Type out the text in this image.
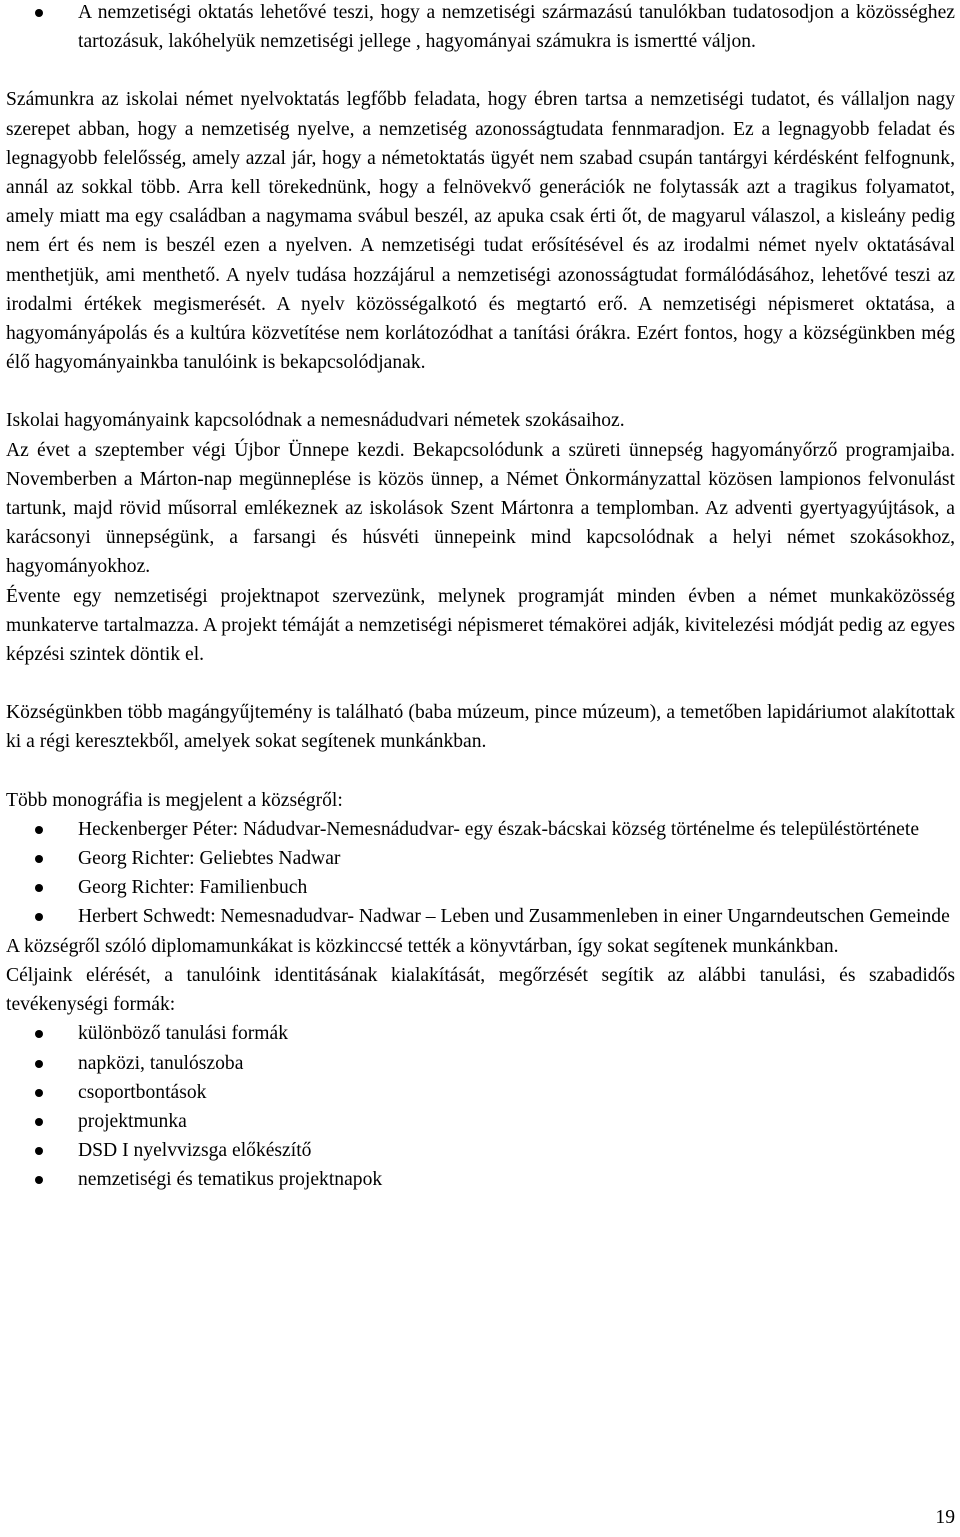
A nemzetiségi oktatás lehetővé teszi, hogy a nemzetiségi származású tanulókban tudatosodjon a közösséghez tartozásuk, lakóhelyük nemzetiségi jellege , hagyományai számukra is ismertté váljon.

Számunkra az iskolai német nyelvoktatás legfőbb feladata, hogy ébren tartsa a nemzetiségi tudatot, és vállaljon nagy szerepet abban, hogy a nemzetiség nyelve, a nemzetiség azonosságtudata fennmaradjon. Ez a legnagyobb feladat és legnagyobb felelősség, amely azzal jár, hogy a németoktatás ügyét nem szabad csupán tantárgyi kérdésként felfognunk, annál az sokkal több. Arra kell törekednünk, hogy a felnövekvő generációk ne folytassák azt a tragikus folyamatot, amely miatt ma egy családban a nagymama svábul beszél, az apuka csak érti őt, de magyarul válaszol, a kisleány pedig nem ért és nem is beszél ezen a nyelven. A nemzetiségi tudat erősítésével és az irodalmi német nyelv oktatásával menthetjük, ami menthető. A nyelv tudása hozzájárul a nemzetiségi azonosságtudat formálódásához, lehetővé teszi az irodalmi értékek megismerését. A nyelv közösségalkotó és megtartó erő. A nemzetiségi népismeret oktatása, a hagyományápolás és a kultúra közvetítése nem korlátozódhat a tanítási órákra. Ezért fontos, hogy a községünkben még élő hagyományainkba tanulóink is bekapcsolódjanak.

Iskolai hagyományaink kapcsolódnak a nemesnádudvari németek szokásaihoz.

Az évet a szeptember végi Újbor Ünnepe kezdi. Bekapcsolódunk a szüreti ünnepség hagyományőrző programjaiba. Novemberben a Márton-nap megünneplése is közös ünnep, a Német Önkormányzattal közösen lampionos felvonulást tartunk, majd rövid műsorral emlékeznek az iskolások Szent Mártonra a templomban. Az adventi gyertyagyújtások, a karácsonyi ünnepségünk, a farsangi és húsvéti ünnepeink mind kapcsolódnak a helyi német szokásokhoz, hagyományokhoz.

Évente egy nemzetiségi projektnapot szervezünk, melynek programját minden évben a német munkaközösség munkaterve tartalmazza. A projekt témáját a nemzetiségi népismeret témakörei adják, kivitelezési módját pedig az egyes képzési szintek döntik el.

Községünkben több magángyűjtemény is található (baba múzeum, pince múzeum), a temetőben lapidáriumot alakítottak ki a régi keresztekből, amelyek sokat segítenek munkánkban.

Több monográfia is megjelent a községről:

Heckenberger Péter: Nádudvar-Nemesnádudvar- egy észak-bácskai község történelme és településtörténete
Georg Richter: Geliebtes Nadwar
Georg Richter: Familienbuch
Herbert Schwedt: Nemesnadudvar- Nadwar – Leben und Zusammenleben in einer Ungarndeutschen Gemeinde

A községről szóló diplomamunkákat is közkinccsé tették a könyvtárban, így sokat segítenek munkánkban.

Céljaink elérését, a tanulóink identitásának kialakítását, megőrzését segítik az alábbi tanulási, és szabadidős tevékenységi formák:

különböző tanulási formák
napközi, tanulószoba
csoportbontások
projektmunka
DSD I nyelvvizsga előkészítő
nemzetiségi és tematikus projektnapok
19
